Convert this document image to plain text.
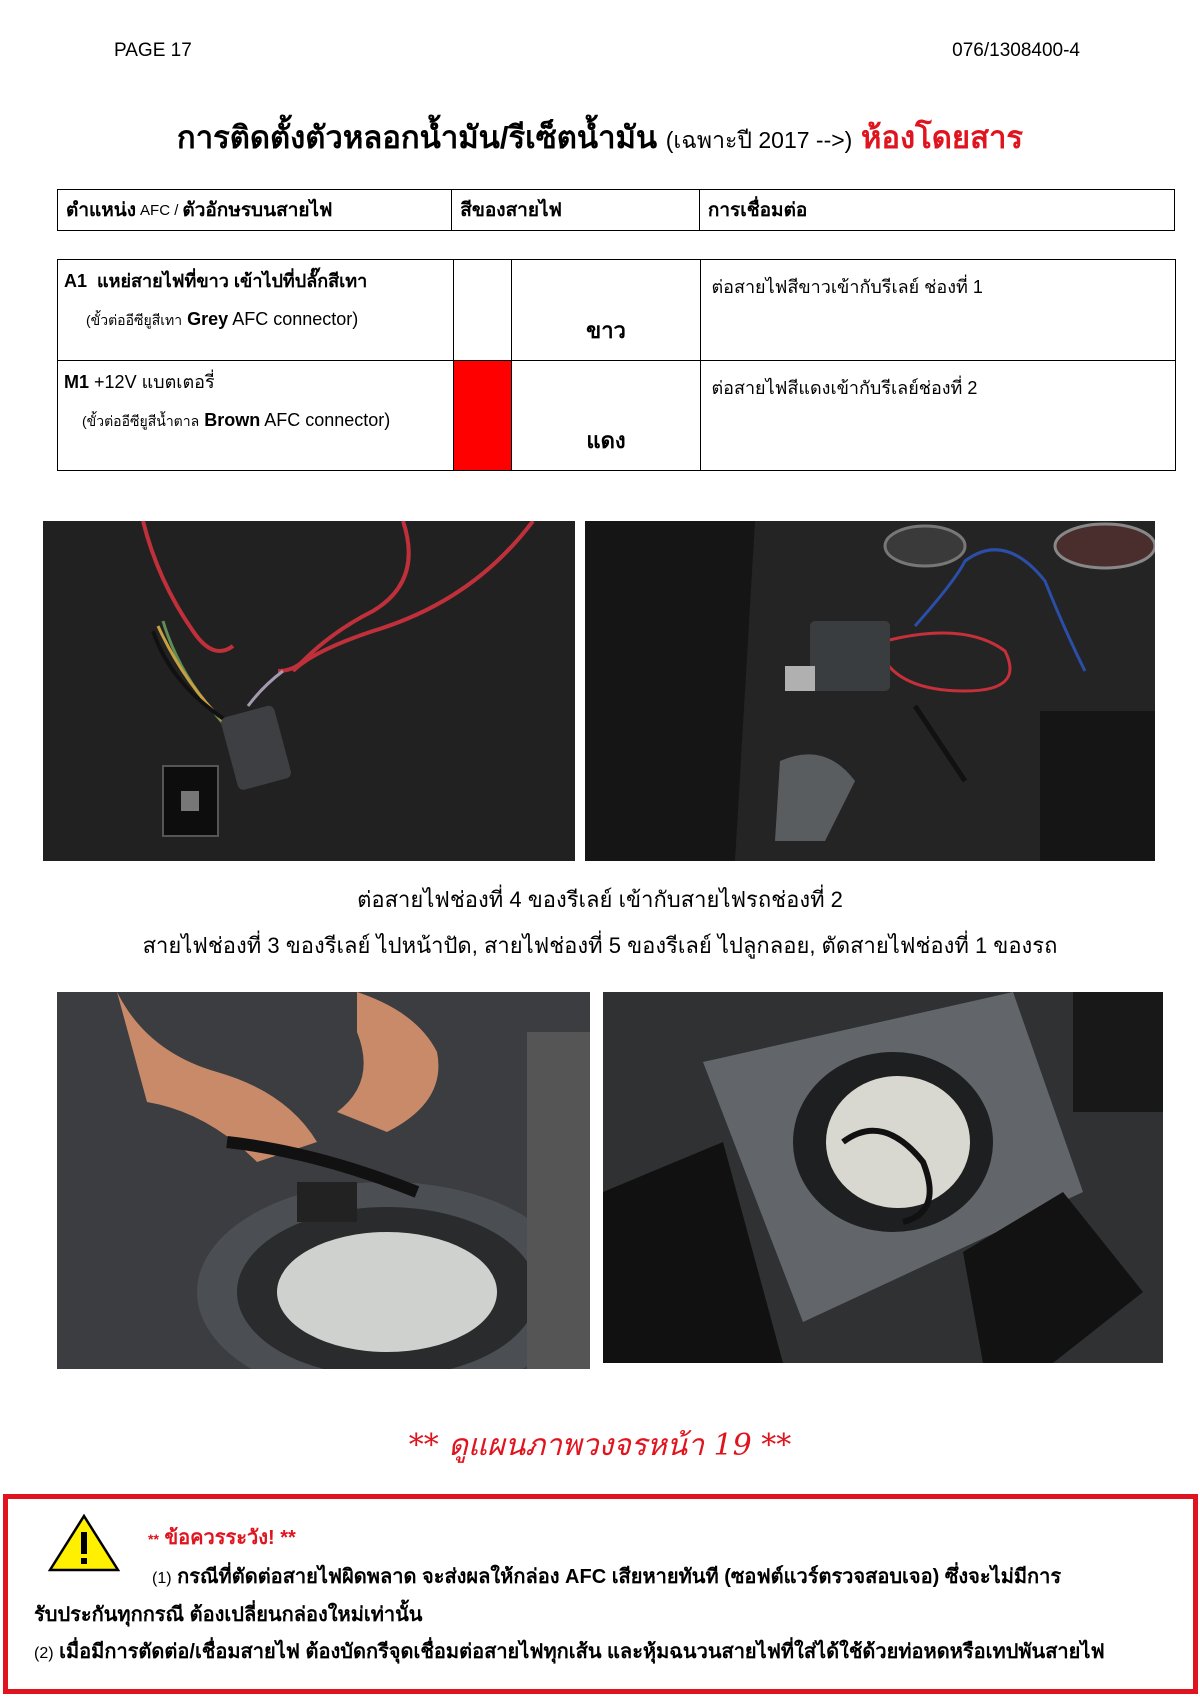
PAGE 17	076/1308400-4
การติดตั้งตัวหลอกน้ำมัน/รีเซ็ตน้ำมัน (เฉพาะปี 2017 -->) ห้องโดยสาร
ตำแหน่ง AFC / ตัวอักษรบนสายไฟ	สีของสายไฟ	การเชื่อมต่อ
A1 แหย่สายไฟที่ขาว เข้าไปที่ปลั๊กสีเทา
(ขั้วต่ออีซียูสีเทา Grey AFC connector)		ขาว	ต่อสายไฟสีขาวเข้ากับรีเลย์ ช่องที่ 1

M1 +12V แบตเตอรี่
(ขั้วต่ออีซียูสีน้ำตาล Brown AFC connector)		แดง	ต่อสายไฟสีแดงเข้ากับรีเลย์ช่องที่ 2
ต่อสายไฟช่องที่ 4 ของรีเลย์ เข้ากับสายไฟรถช่องที่ 2
สายไฟช่องที่ 3 ของรีเลย์ ไปหน้าปัด, สายไฟช่องที่ 5 ของรีเลย์ ไปลูกลอย, ตัดสายไฟช่องที่ 1 ของรถ
** ดูแผนภาพวงจรหน้า 19 **
** ข้อควรระวัง! **
(1) กรณีที่ตัดต่อสายไฟผิดพลาด จะส่งผลให้กล่อง AFC เสียหายทันที (ซอฟต์แวร์ตรวจสอบเจอ) ซึ่งจะไม่มีการ
รับประกันทุกกรณี ต้องเปลี่ยนกล่องใหม่เท่านั้น
(2) เมื่อมีการตัดต่อ/เชื่อมสายไฟ ต้องบัดกรีจุดเชื่อมต่อสายไฟทุกเส้น และหุ้มฉนวนสายไฟที่ใส่ได้ใช้ด้วยท่อหดหรือเทปพันสายไฟ
